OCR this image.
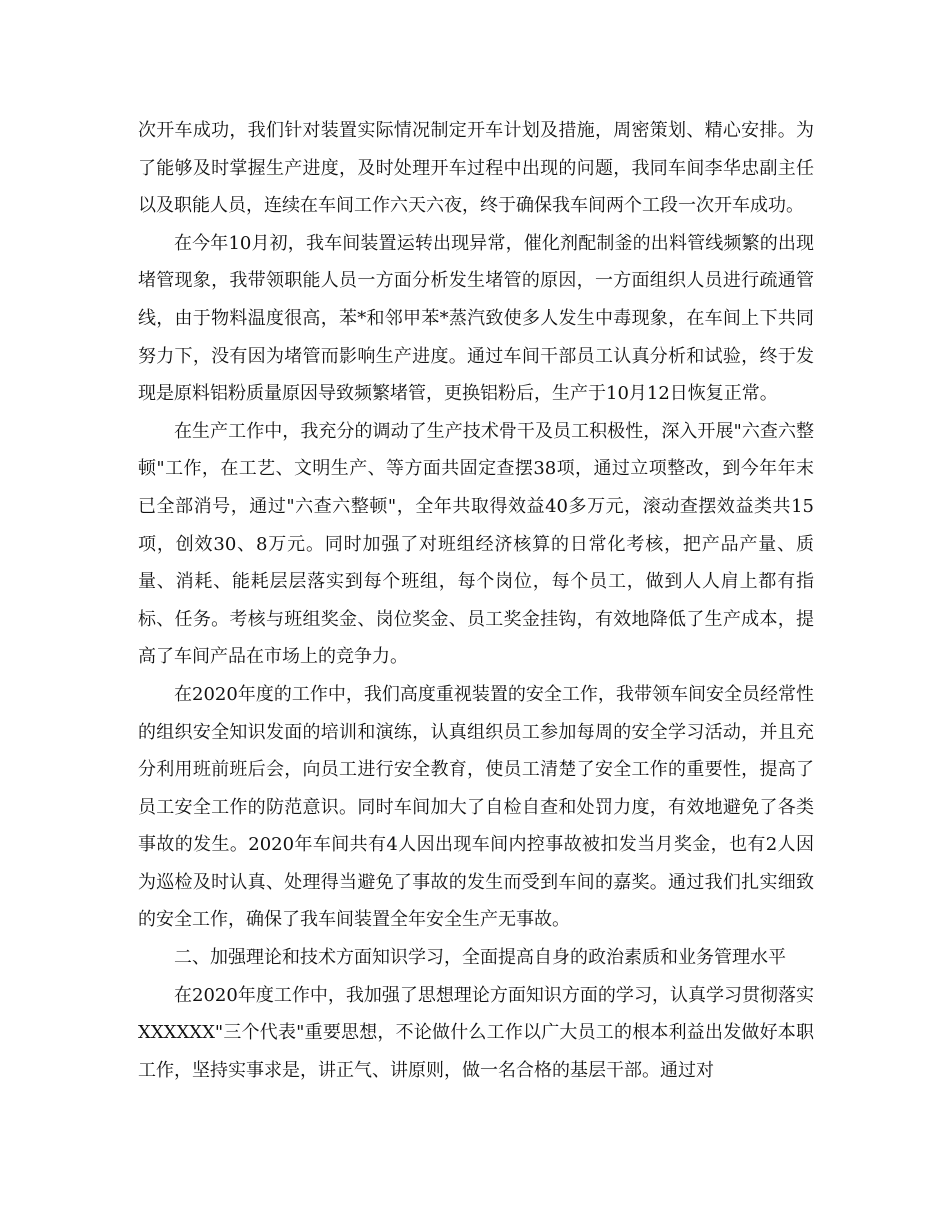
次开车成功，我们针对装置实际情况制定开车计划及措施，周密策划、精心安排。为了能够及时掌握生产进度，及时处理开车过程中出现的问题，我同车间李华忠副主任以及职能人员，连续在车间工作六天六夜，终于确保我车间两个工段一次开车成功。

在今年10月初，我车间装置运转出现异常，催化剂配制釜的出料管线频繁的出现堵管现象，我带领职能人员一方面分析发生堵管的原因，一方面组织人员进行疏通管线，由于物料温度很高，苯*和邻甲苯*蒸汽致使多人发生中毒现象，在车间上下共同努力下，没有因为堵管而影响生产进度。通过车间干部员工认真分析和试验，终于发现是原料铝粉质量原因导致频繁堵管，更换铝粉后，生产于10月12日恢复正常。

在生产工作中，我充分的调动了生产技术骨干及员工积极性，深入开展"六查六整顿"工作，在工艺、文明生产、等方面共固定查摆38项，通过立项整改，到今年年末已全部消号，通过"六查六整顿"，全年共取得效益40多万元，滚动查摆效益类共15项，创效30、8万元。同时加强了对班组经济核算的日常化考核，把产品产量、质量、消耗、能耗层层落实到每个班组，每个岗位，每个员工，做到人人肩上都有指标、任务。考核与班组奖金、岗位奖金、员工奖金挂钩，有效地降低了生产成本，提高了车间产品在市场上的竞争力。

在2020年度的工作中，我们高度重视装置的安全工作，我带领车间安全员经常性的组织安全知识发面的培训和演练，认真组织员工参加每周的安全学习活动，并且充分利用班前班后会，向员工进行安全教育，使员工清楚了安全工作的重要性，提高了员工安全工作的防范意识。同时车间加大了自检自查和处罚力度，有效地避免了各类事故的发生。2020年车间共有4人因出现车间内控事故被扣发当月奖金，也有2人因为巡检及时认真、处理得当避免了事故的发生而受到车间的嘉奖。通过我们扎实细致的安全工作，确保了我车间装置全年安全生产无事故。

二、加强理论和技术方面知识学习，全面提高自身的政治素质和业务管理水平

在2020年度工作中，我加强了思想理论方面知识方面的学习，认真学习贯彻落实XXXXXX"三个代表"重要思想，不论做什么工作以广大员工的根本利益出发做好本职工作，坚持实事求是，讲正气、讲原则，做一名合格的基层干部。通过对
